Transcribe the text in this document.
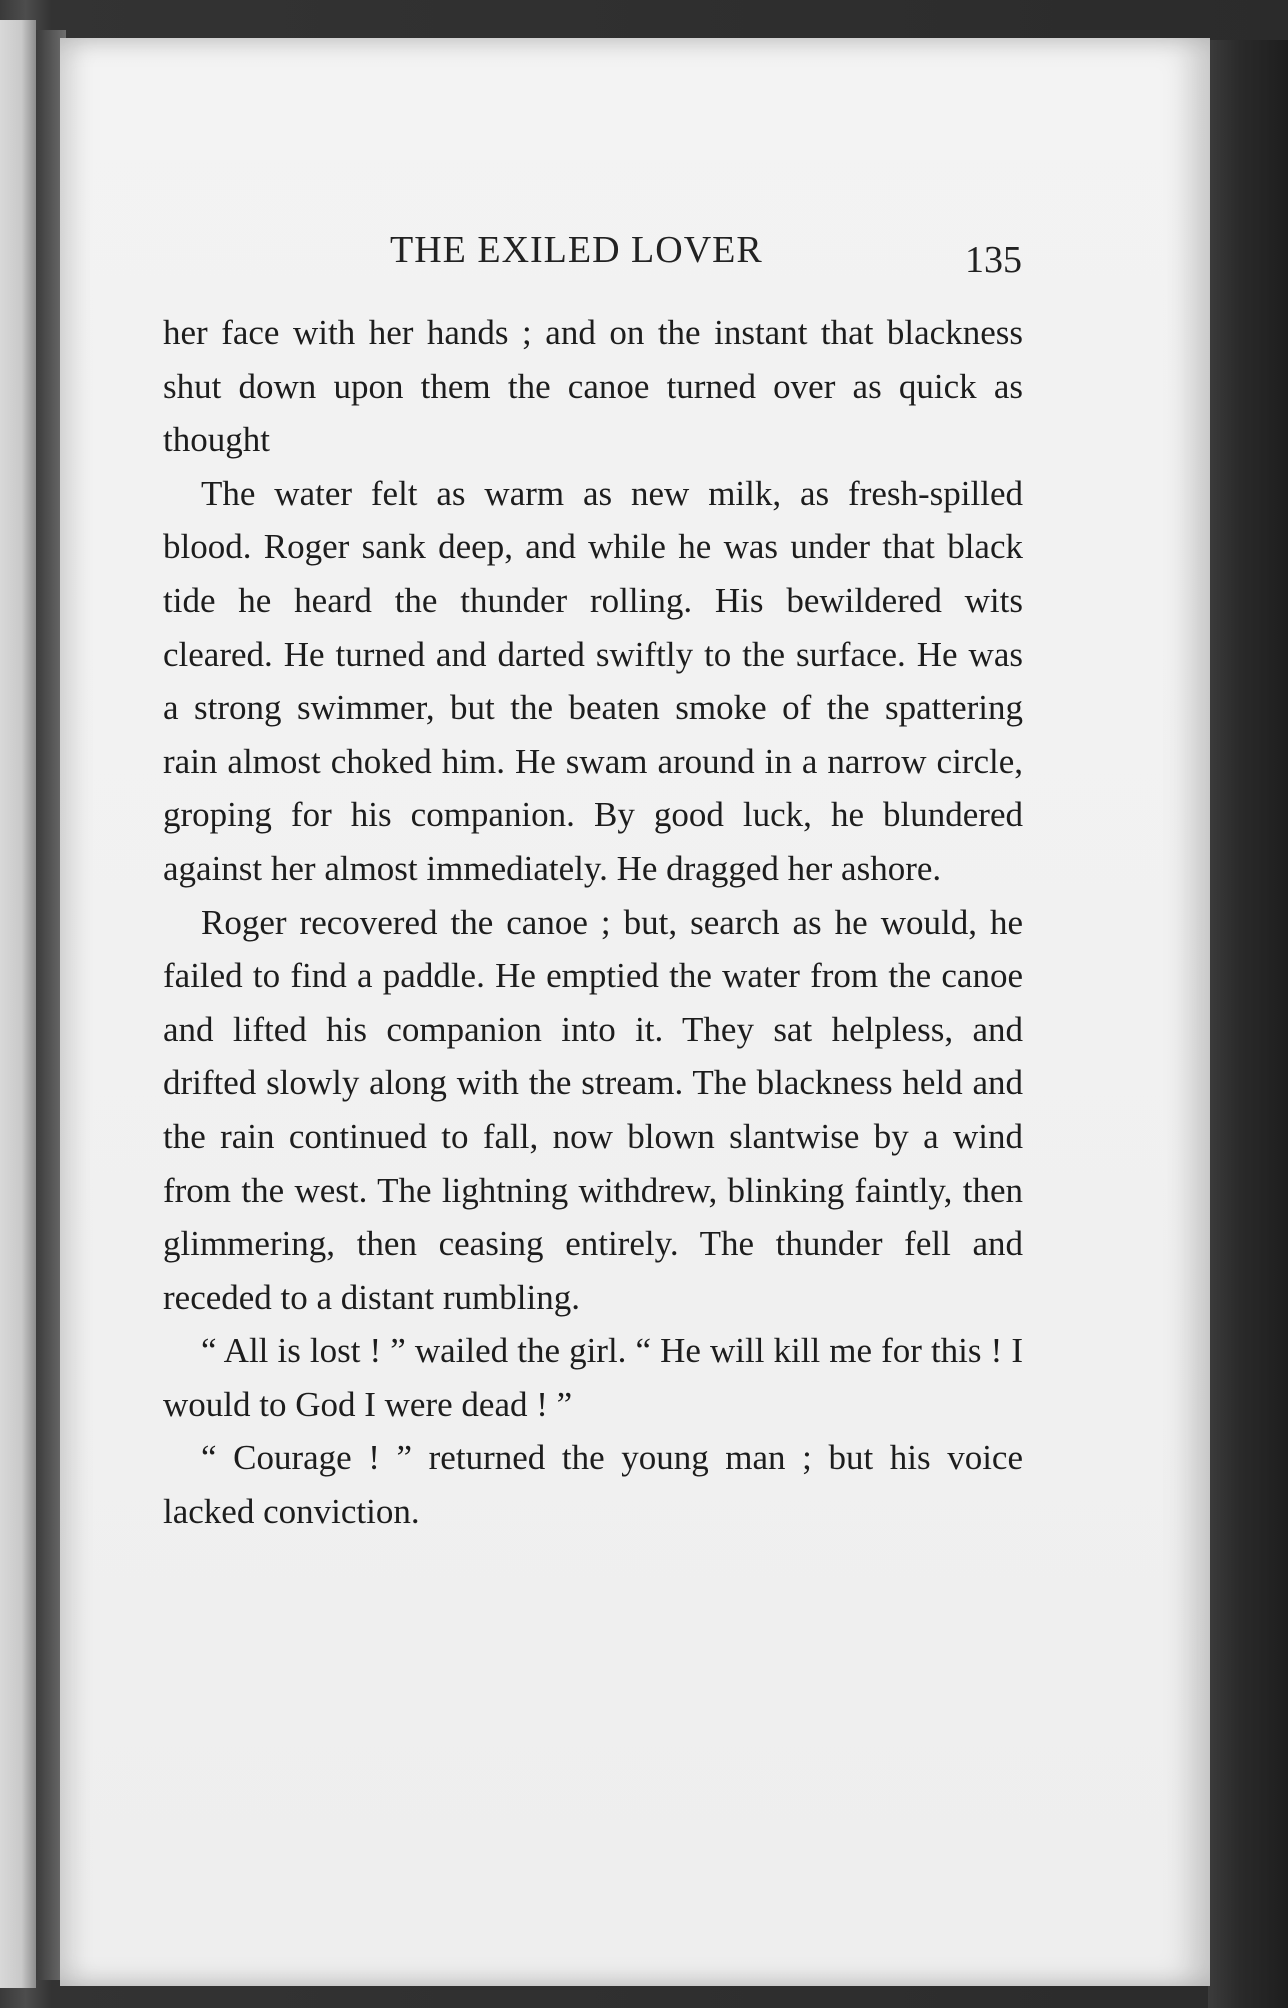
THE EXILED LOVER	135

her face with her hands ; and on the instant that blackness shut down upon them the canoe turned over as quick as thought

The water felt as warm as new milk, as fresh-spilled blood. Roger sank deep, and while he was under that black tide he heard the thunder rolling. His bewildered wits cleared. He turned and darted swiftly to the surface. He was a strong swimmer, but the beaten smoke of the spattering rain almost choked him. He swam around in a narrow circle, groping for his companion. By good luck, he blundered against her almost immediately. He dragged her ashore.

Roger recovered the canoe ; but, search as he would, he failed to find a paddle. He emptied the water from the canoe and lifted his companion into it. They sat helpless, and drifted slowly along with the stream. The blackness held and the rain continued to fall, now blown slantwise by a wind from the west. The lightning withdrew, blinking faintly, then glimmering, then ceasing entirely. The thunder fell and receded to a distant rumbling.

“ All is lost ! ” wailed the girl. “ He will kill me for this ! I would to God I were dead ! ”

“ Courage ! ” returned the young man ; but his voice lacked conviction.
